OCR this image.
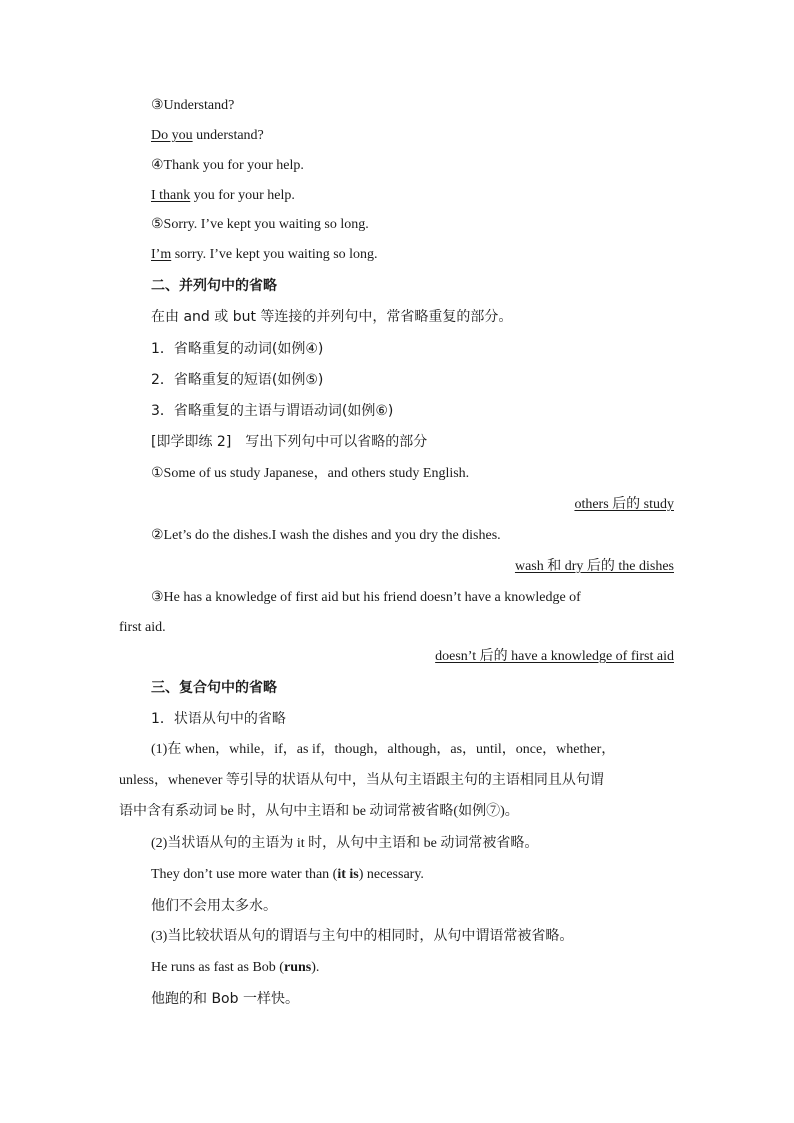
③Understand?
Do you understand?
④Thank you for your help.
I thank you for your help.
⑤Sorry. I’ve kept you waiting so long.
I’m sorry. I’ve kept you waiting so long.
二、并列句中的省略
在由 and 或 but 等连接的并列句中，常省略重复的部分。
1．省略重复的动词(如例④)
2．省略重复的短语(如例⑤)
3．省略重复的主语与谓语动词(如例⑥)
[即学即练 2]　写出下列句中可以省略的部分
①Some of us study Japanese，and others study English.
others 后的 study
②Let’s do the dishes.I wash the dishes and you dry the dishes.
wash 和 dry 后的 the dishes
③He has a knowledge of first aid but his friend doesn’t have a knowledge of
first aid.
doesn’t 后的 have a knowledge of first aid
三、复合句中的省略
1．状语从句中的省略
(1)在 when，while，if，as if，though，although，as，until，once，whether，
unless，whenever 等引导的状语从句中，当从句主语跟主句的主语相同且从句谓
语中含有系动词 be 时，从句中主语和 be 动词常被省略(如例⑦)。
(2)当状语从句的主语为 it 时，从句中主语和 be 动词常被省略。
They don’t use more water than (it is) necessary.
他们不会用太多水。
(3)当比较状语从句的谓语与主句中的相同时，从句中谓语常被省略。
He runs as fast as Bob (runs).
他跑的和 Bob 一样快。
